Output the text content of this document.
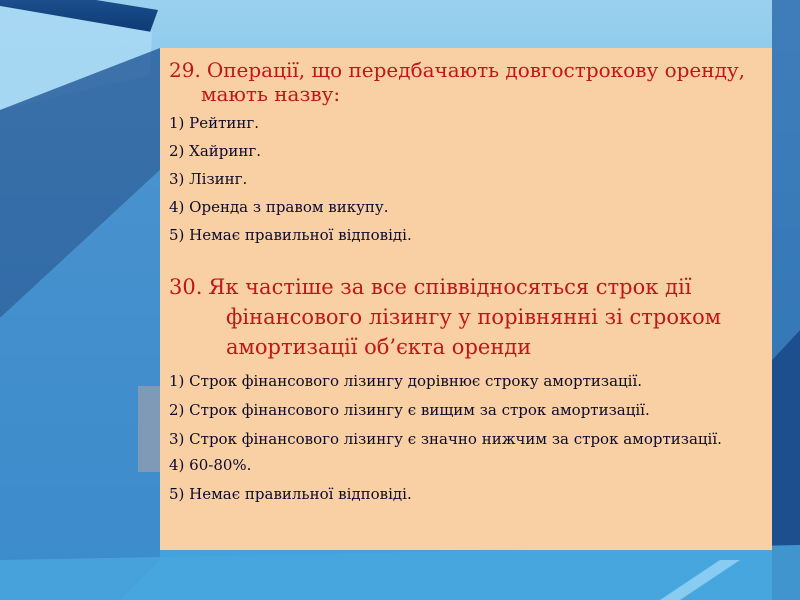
29. Операції, що передбачають довгострокову оренду, мають назву:

1) Рейтинг.
2) Хайринг.
3) Лізинг.
4) Оренда з правом викупу.
5) Немає правильної відповіді.

30. Як частіше за все співвідносяться строк дії фінансового лізингу у порівнянні зі строком амортизації об’єкта оренди

1) Строк фінансового лізингу дорівнює строку амортизації.
2) Строк фінансового лізингу є вищим за строк амортизації.
3) Строк фінансового лізингу є значно нижчим за строк амортизації.
4) 60-80%.
5) Немає правильної відповіді.
